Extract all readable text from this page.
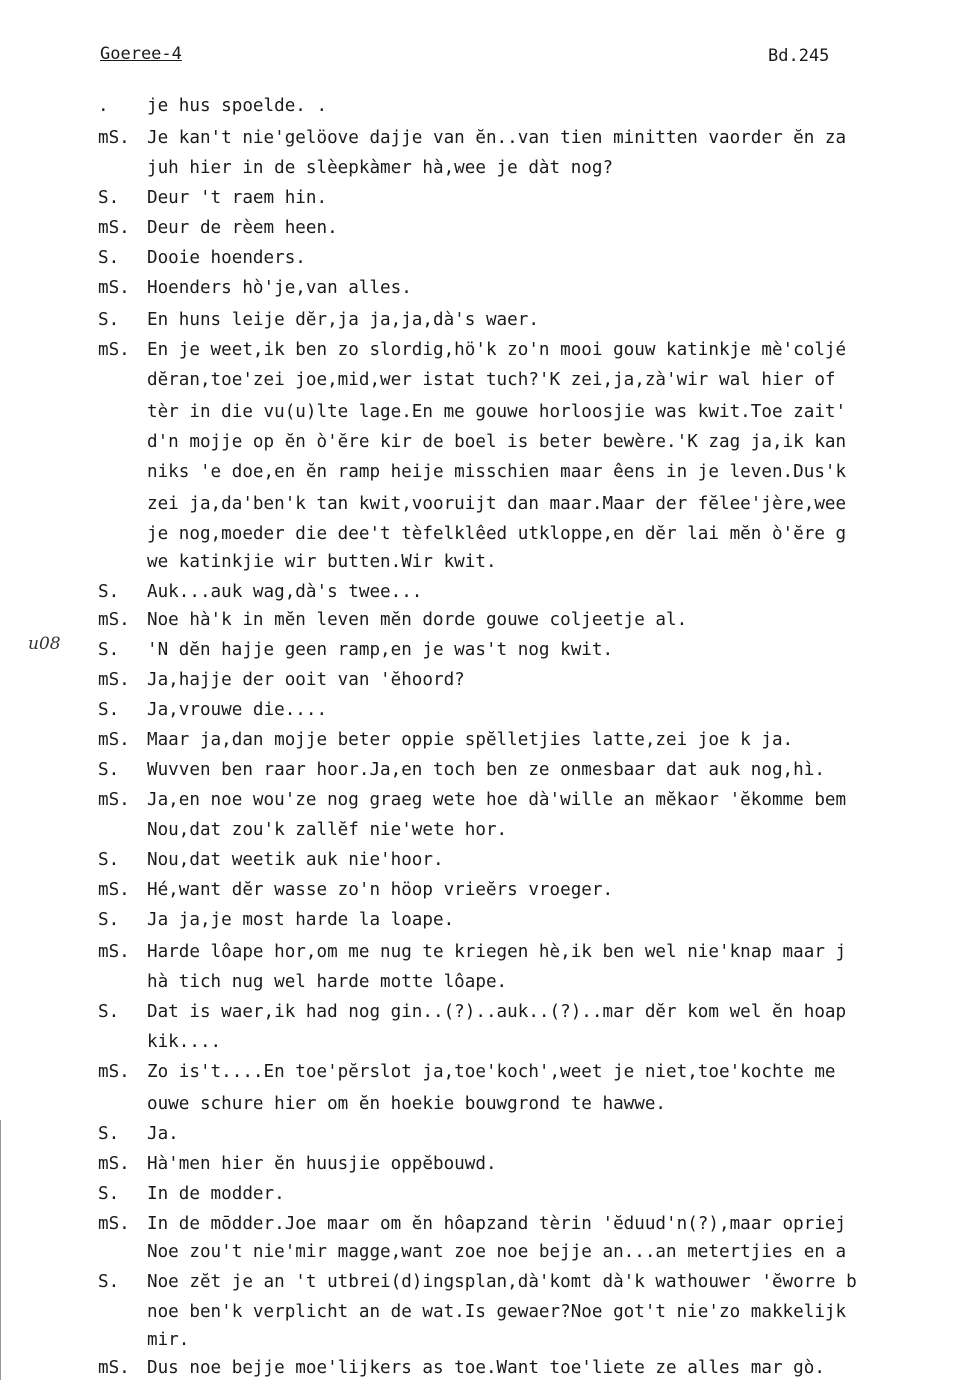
Goeree-4	Bd.245
u08
. je hus spoelde. .
mS. Je kan't nie'gelöove dajje van ĕn..van tien minitten vaorder ĕn za
juh hier in de slèepkàmer hà,wee je dàt nog?
S. Deur 't raem hin.
mS. Deur de rèem heen.
S. Dooie hoenders.
mS. Hoenders hò'je,van alles.
S. En huns leije dĕr,ja ja,ja,dà's waer.
mS. En je weet,ik ben zo slordig,hö'k zo'n mooi gouw katinkje mè'coljé
dĕran,toe'zei joe,mid,wer istat tuch?'K zei,ja,zà'wir wal hier of
tèr in die vu(u)lte lage.En me gouwe horloosjie was kwit.Toe zait'
d'n mojje op ĕn ò'ĕre kir de boel is beter bewère.'K zag ja,ik kan
niks 'e doe,en ĕn ramp heije misschien maar êens in je leven.Dus'k
zei ja,da'ben'k tan kwit,vooruijt dan maar.Maar der fĕlee'jère,wee
je nog,moeder die dee't tèfelklêed utkloppe,en dĕr lai mĕn ò'ĕre g
we katinkjie wir butten.Wir kwit.
S. Auk...auk wag,dà's twee...
mS. Noe hà'k in mĕn leven mĕn dorde gouwe coljeetje al.
S. 'N dĕn hajje geen ramp,en je was't nog kwit.
mS. Ja,hajje der ooit van 'ĕhoord?
S. Ja,vrouwe die....
mS. Maar ja,dan mojje beter oppie spĕlletjies latte,zei joe k ja.
S. Wuvven ben raar hoor.Ja,en toch ben ze onmesbaar dat auk nog,hì.
mS. Ja,en noe wou'ze nog graeg wete hoe dà'wille an mĕkaor 'ĕkomme bem
Nou,dat zou'k zallĕf nie'wete hor.
S. Nou,dat weetik auk nie'hoor.
mS. Hé,want dĕr wasse zo'n höop vrieĕrs vroeger.
S. Ja ja,je most harde la loape.
mS. Harde lôape hor,om me nug te kriegen hè,ik ben wel nie'knap maar j
hà tich nug wel harde motte lôape.
S. Dat is waer,ik had nog gin..(?)..auk..(?)..mar dĕr kom wel ĕn hoap
kik....
mS. Zo is't....En toe'pĕrslot ja,toe'koch',weet je niet,toe'kochte me
ouwe schure hier om ĕn hoekie bouwgrond te hawwe.
S. Ja.
mS. Hà'men hier ĕn huusjie oppĕbouwd.
S. In de modder.
mS. In de mōdder.Joe maar om ĕn hôapzand tèrin 'ĕduud'n(?),maar opriej
Noe zou't nie'mir magge,want zoe noe bejje an...an metertjies en a
S. Noe zĕt je an 't utbrei(d)ingsplan,dà'komt dà'k wathouwer 'ĕworre b
noe ben'k verplicht an de wat.Is gewaer?Noe got't nie'zo makkelijk
mir.
mS. Dus noe bejje moe'lijkers as toe.Want toe'liete ze alles mar gò.
